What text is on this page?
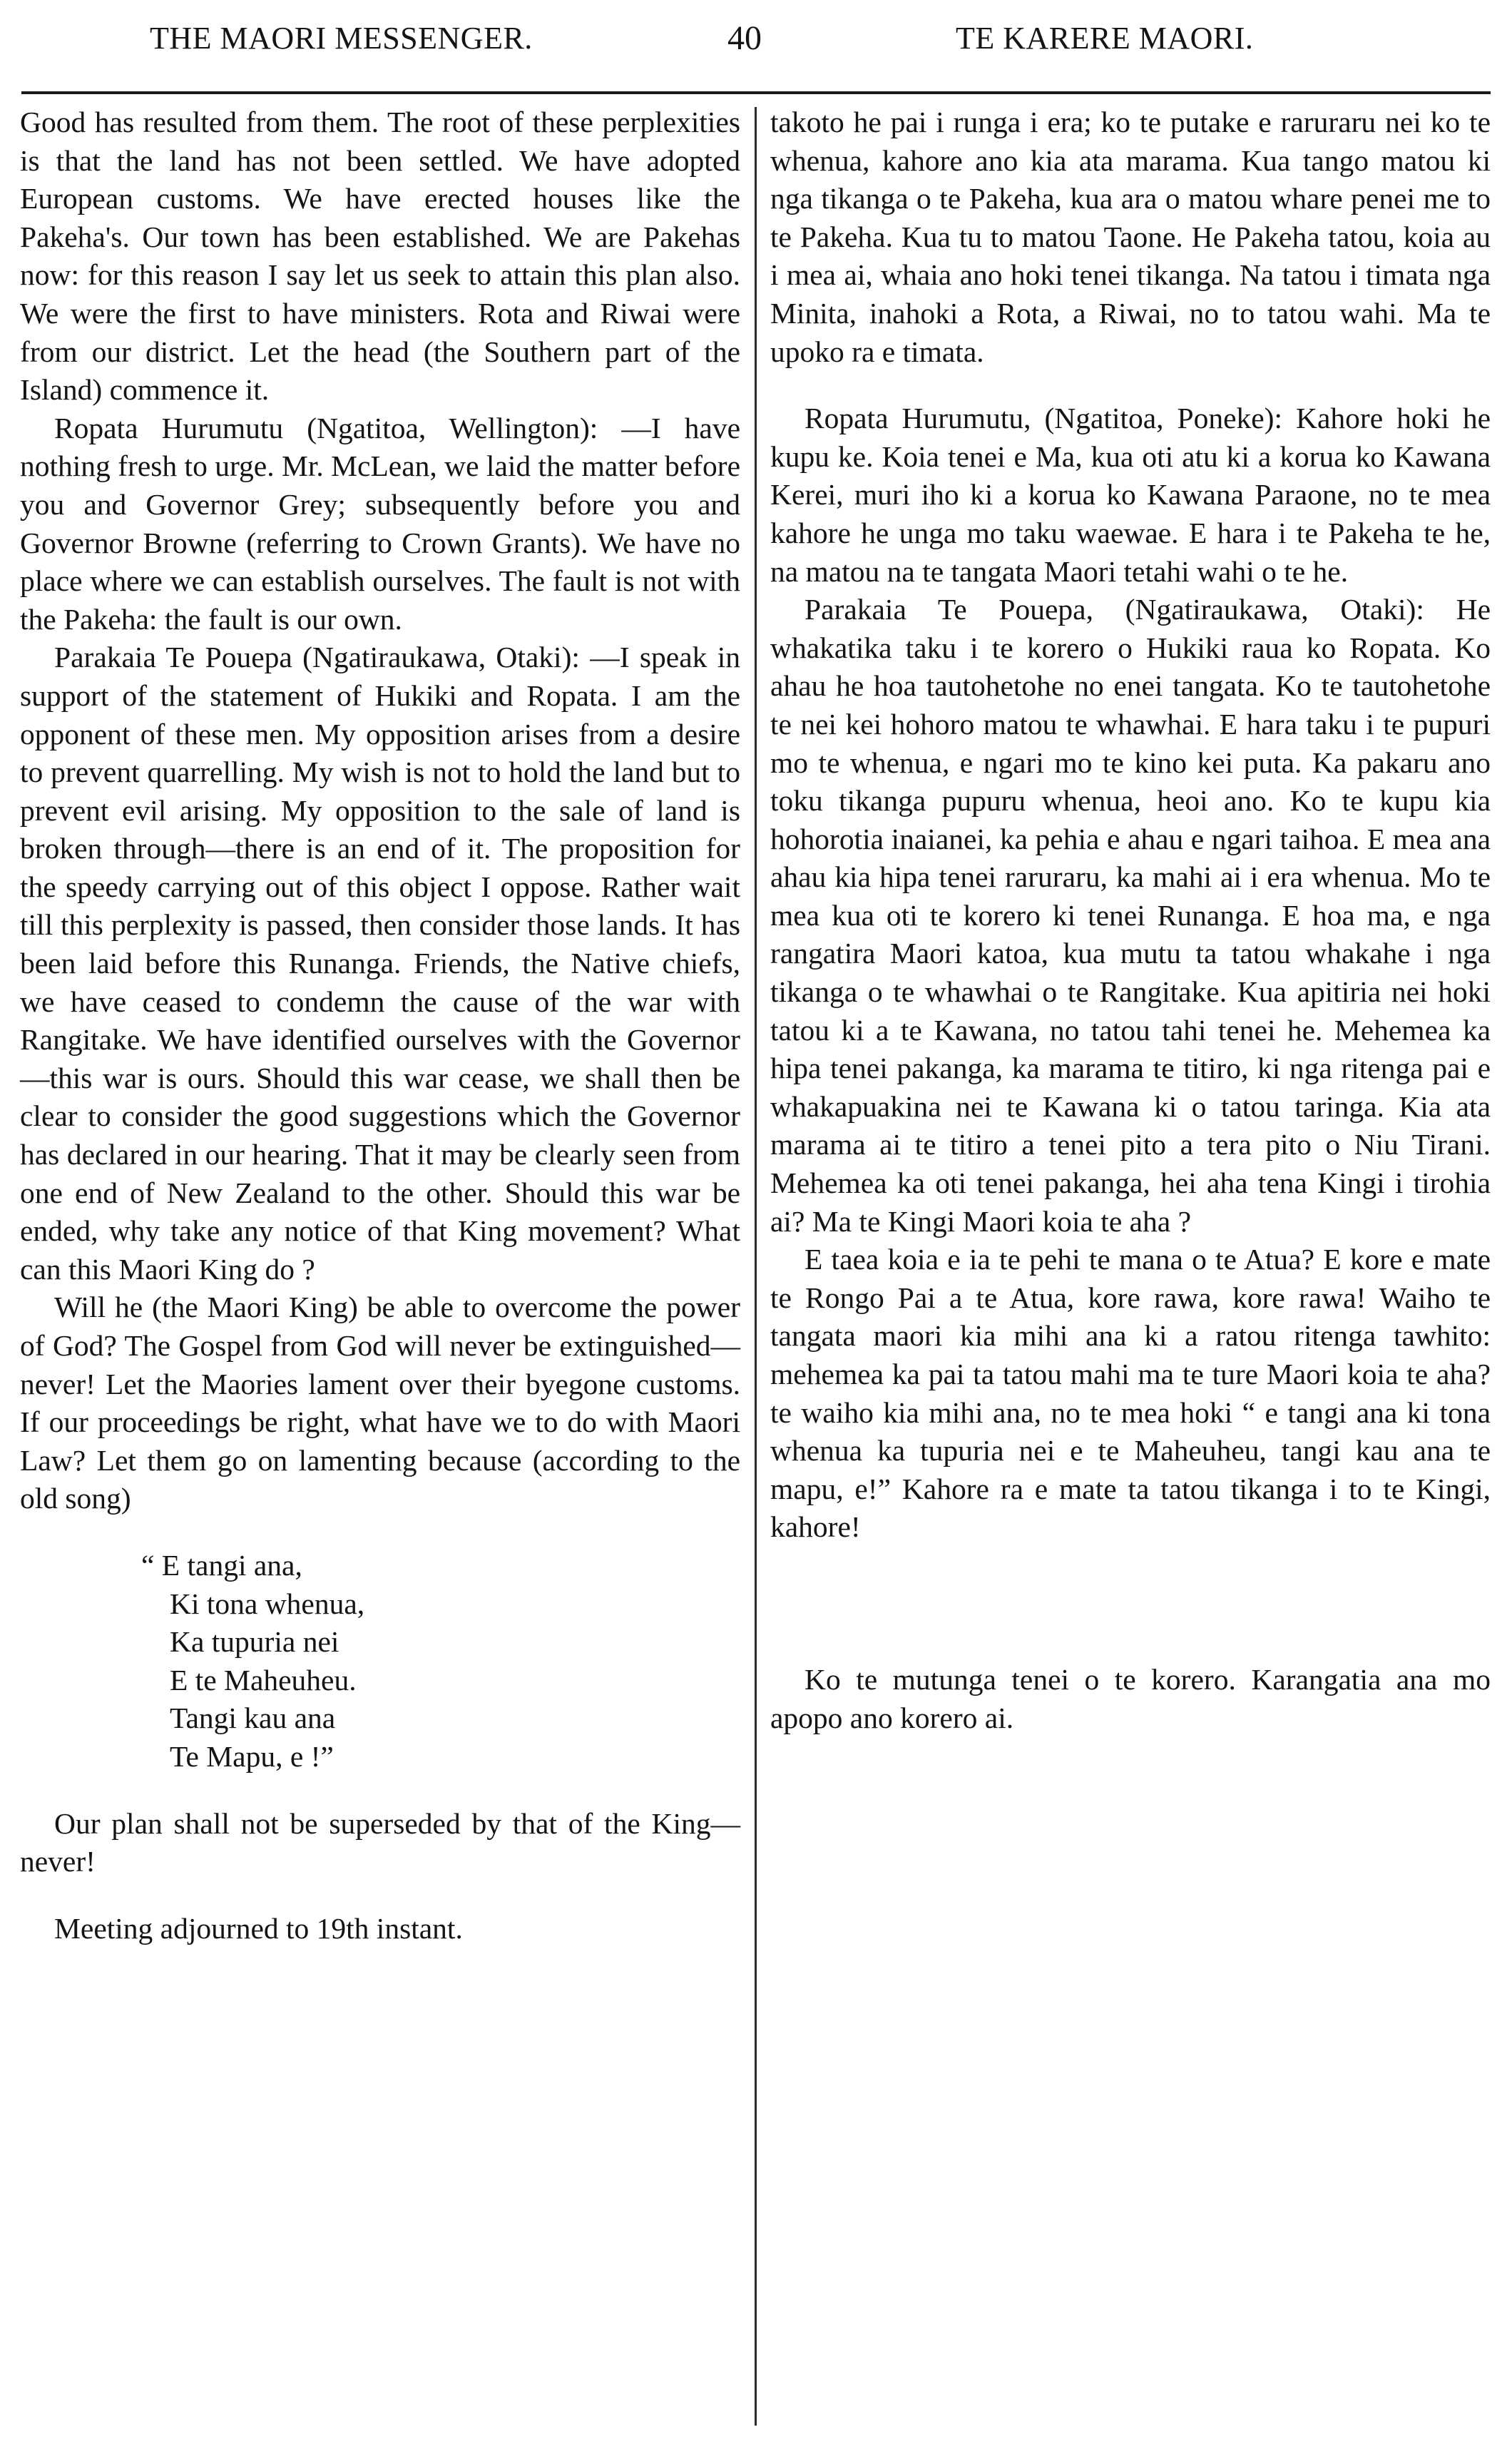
THE MAORI MESSENGER.	40	TE KARERE MAORI.

Good has resulted from them. The root of these perplexities is that the land has not been settled. We have adopted European customs. We have erected houses like the Pakeha's. Our town has been established. We are Pakehas now: for this reason I say let us seek to attain this plan also. We were the first to have ministers. Rota and Riwai were from our district. Let the head (the Southern part of the Island) commence it.

Ropata Hurumutu (Ngatitoa, Wellington): —I have nothing fresh to urge. Mr. McLean, we laid the matter before you and Governor Grey; subsequently before you and Governor Browne (referring to Crown Grants). We have no place where we can establish ourselves. The fault is not with the Pakeha: the fault is our own.

Parakaia Te Pouepa (Ngatiraukawa, Otaki): —I speak in support of the statement of Hukiki and Ropata. I am the opponent of these men. My opposition arises from a desire to prevent quarrelling. My wish is not to hold the land but to prevent evil arising. My opposition to the sale of land is broken through—there is an end of it. The proposition for the speedy carrying out of this object I oppose. Rather wait till this perplexity is passed, then consider those lands. It has been laid before this Runanga. Friends, the Native chiefs, we have ceased to condemn the cause of the war with Rangitake. We have identified ourselves with the Governor—this war is ours. Should this war cease, we shall then be clear to consider the good suggestions which the Governor has declared in our hearing. That it may be clearly seen from one end of New Zealand to the other. Should this war be ended, why take any notice of that King movement? What can this Maori King do ?

Will he (the Maori King) be able to overcome the power of God? The Gospel from God will never be extinguished—never! Let the Maories lament over their byegone customs. If our proceedings be right, what have we to do with Maori Law? Let them go on lamenting because (according to the old song)

“ E tangi ana,
Ki tona whenua,
Ka tupuria nei
E te Maheuheu.
Tangi kau ana
Te Mapu, e !”

Our plan shall not be superseded by that of the King—never!

Meeting adjourned to 19th instant.

takoto he pai i runga i era; ko te putake e raruraru nei ko te whenua, kahore ano kia ata marama. Kua tango matou ki nga tikanga o te Pakeha, kua ara o matou whare penei me to te Pakeha. Kua tu to matou Taone. He Pakeha tatou, koia au i mea ai, whaia ano hoki tenei tikanga. Na tatou i timata nga Minita, inahoki a Rota, a Riwai, no to tatou wahi. Ma te upoko ra e timata.

Ropata Hurumutu, (Ngatitoa, Poneke): Kahore hoki he kupu ke. Koia tenei e Ma, kua oti atu ki a korua ko Kawana Kerei, muri iho ki a korua ko Kawana Paraone, no te mea kahore he unga mo taku waewae. E hara i te Pakeha te he, na matou na te tangata Maori tetahi wahi o te he.

Parakaia Te Pouepa, (Ngatiraukawa, Otaki): He whakatika taku i te korero o Hukiki raua ko Ropata. Ko ahau he hoa tautohetohe no enei tangata. Ko te tautohetohe te nei kei hohoro matou te whawhai. E hara taku i te pupuri mo te whenua, e ngari mo te kino kei puta. Ka pakaru ano toku tikanga pupuru whenua, heoi ano. Ko te kupu kia hohorotia inaianei, ka pehia e ahau e ngari taihoa. E mea ana ahau kia hipa tenei raruraru, ka mahi ai i era whenua. Mo te mea kua oti te korero ki tenei Runanga. E hoa ma, e nga rangatira Maori katoa, kua mutu ta tatou whakahe i nga tikanga o te whawhai o te Rangitake. Kua apitiria nei hoki tatou ki a te Kawana, no tatou tahi tenei he. Mehemea ka hipa tenei pakanga, ka marama te titiro, ki nga ritenga pai e whakapuakina nei te Kawana ki o tatou taringa. Kia ata marama ai te titiro a tenei pito a tera pito o Niu Tirani. Mehemea ka oti tenei pakanga, hei aha tena Kingi i tirohia ai? Ma te Kingi Maori koia te aha ?

E taea koia e ia te pehi te mana o te Atua? E kore e mate te Rongo Pai a te Atua, kore rawa, kore rawa! Waiho te tangata maori kia mihi ana ki a ratou ritenga tawhito: mehemea ka pai ta tatou mahi ma te ture Maori koia te aha? te waiho kia mihi ana, no te mea hoki “ e tangi ana ki tona whenua ka tupuria nei e te Maheuheu, tangi kau ana te mapu, e!” Kahore ra e mate ta tatou tikanga i to te Kingi, kahore!

Ko te mutunga tenei o te korero. Karangatia ana mo apopo ano korero ai.
